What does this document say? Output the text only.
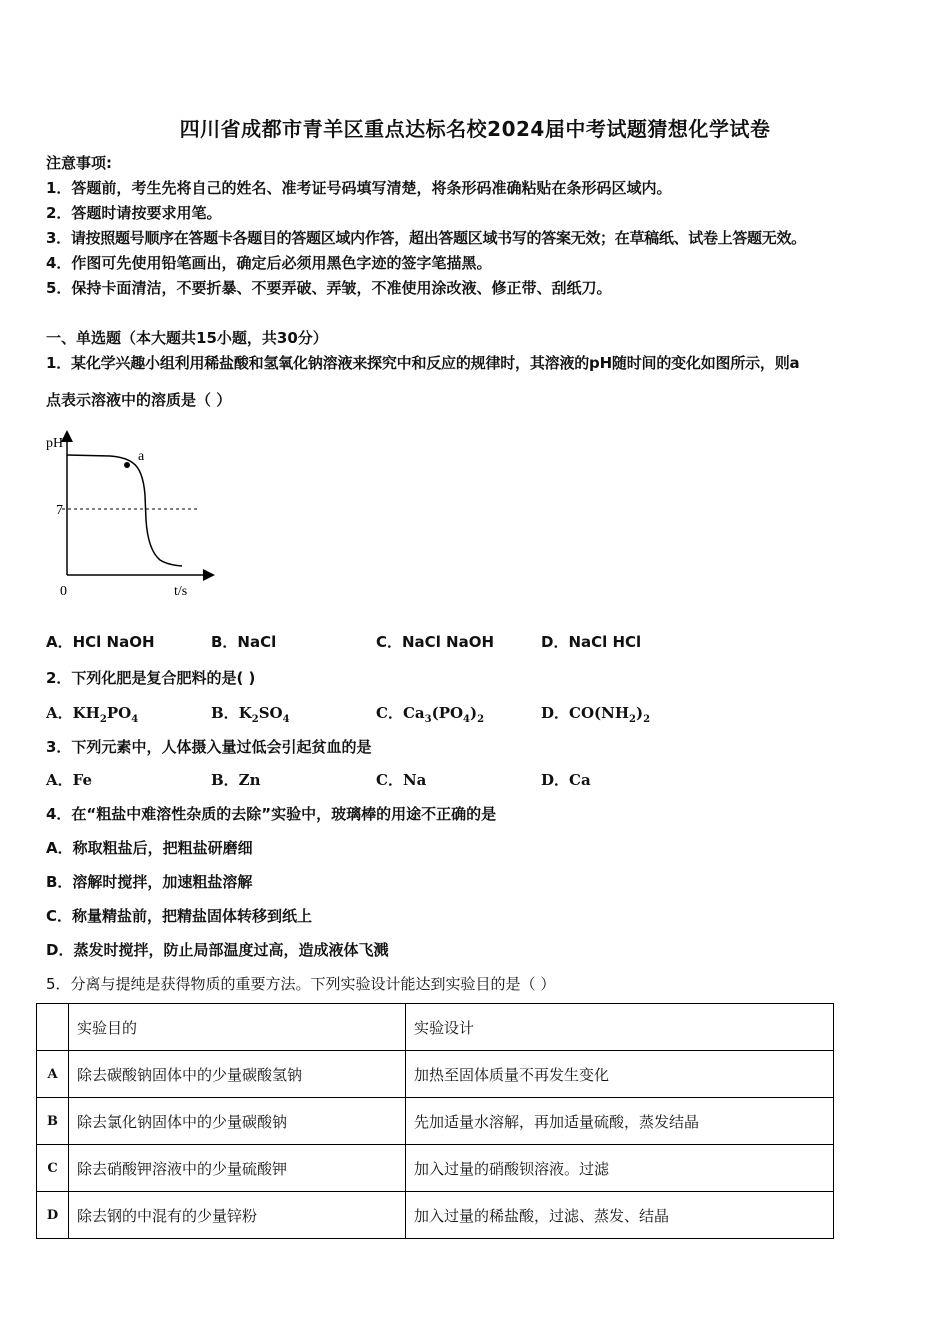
四川省成都市青羊区重点达标名校2024届中考试题猜想化学试卷
注意事项:
1．答题前，考生先将自己的姓名、准考证号码填写清楚，将条形码准确粘贴在条形码区域内。
2．答题时请按要求用笔。
3．请按照题号顺序在答题卡各题目的答题区域内作答，超出答题区域书写的答案无效；在草稿纸、试卷上答题无效。
4．作图可先使用铅笔画出，确定后必须用黑色字迹的签字笔描黑。
5．保持卡面清洁，不要折暴、不要弄破、弄皱，不准使用涂改液、修正带、刮纸刀。
一、单选题（本大题共15小题，共30分）
1．某化学兴趣小组利用稀盐酸和氢氧化钠溶液来探究中和反应的规律时，其溶液的pH随时间的变化如图所示，则a
点表示溶液中的溶质是（ ）
pH
t/s
0
7
a
A．HCl NaOH	B．NaCl	C．NaCl NaOH	D．NaCl HCl
2．下列化肥是复合肥料的是( )
A．$KH_2PO_4$	B．$K_2SO_4$	C．$Ca_3(PO_4)_2$	D．$CO(NH_2)_2$
3．下列元素中，人体摄入量过低会引起贫血的是
A．Fe	B．Zn	C．Na	D．Ca
4．在“粗盐中难溶性杂质的去除”实验中，玻璃棒的用途不正确的是
A．称取粗盐后，把粗盐研磨细
B．溶解时搅拌，加速粗盐溶解
C．称量精盐前，把精盐固体转移到纸上
D．蒸发时搅拌，防止局部温度过高，造成液体飞溅
5．分离与提纯是获得物质的重要方法。下列实验设计能达到实验目的是（ ）
	实验目的	实验设计
A	除去碳酸钠固体中的少量碳酸氢钠	加热至固体质量不再发生变化
B	除去氯化钠固体中的少量碳酸钠	先加适量水溶解，再加适量硫酸，蒸发结晶
C	除去硝酸钾溶液中的少量硫酸钾	加入过量的硝酸钡溶液。过滤
D	除去钢的中混有的少量锌粉	加入过量的稀盐酸，过滤、蒸发、结晶
